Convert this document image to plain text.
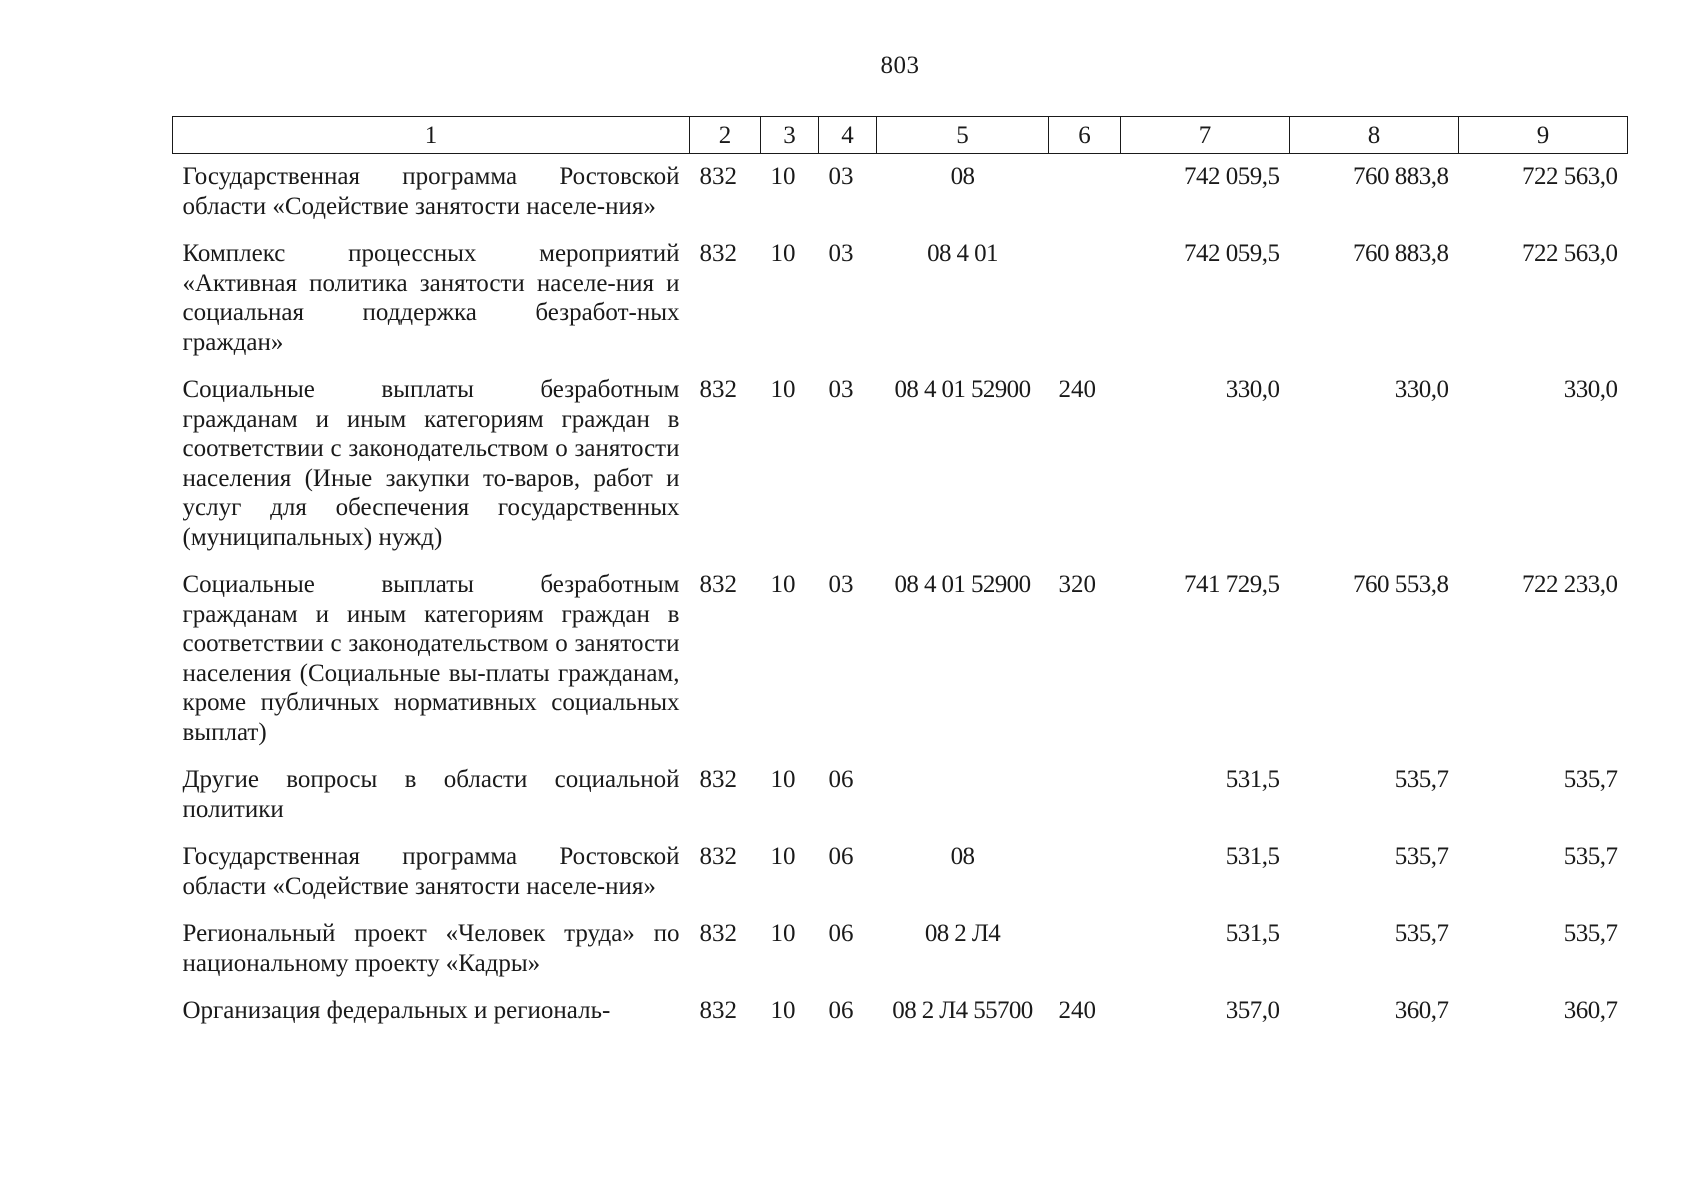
803
1	2	3	4	5	6	7	8	9
Государственная программа Ростовской области «Содействие занятости населе-ния»	832	10	03	08		742 059,5	760 883,8	722 563,0
Комплекс процессных мероприятий «Активная политика занятости населе-ния и социальная поддержка безработ-ных граждан»	832	10	03	08 4 01		742 059,5	760 883,8	722 563,0
Социальные выплаты безработным гражданам и иным категориям граждан в соответствии с законодательством о занятости населения (Иные закупки то-варов, работ и услуг для обеспечения государственных (муниципальных) нужд)	832	10	03	08 4 01 52900	240	330,0	330,0	330,0
Социальные выплаты безработным гражданам и иным категориям граждан в соответствии с законодательством о занятости населения (Социальные вы-платы гражданам, кроме публичных нормативных социальных выплат)	832	10	03	08 4 01 52900	320	741 729,5	760 553,8	722 233,0
Другие вопросы в области социальной политики	832	10	06			531,5	535,7	535,7
Государственная программа Ростовской области «Содействие занятости населе-ния»	832	10	06	08		531,5	535,7	535,7
Региональный проект «Человек труда» по национальному проекту «Кадры»	832	10	06	08 2 Л4		531,5	535,7	535,7
Организация федеральных и региональ-	832	10	06	08 2 Л4 55700	240	357,0	360,7	360,7
